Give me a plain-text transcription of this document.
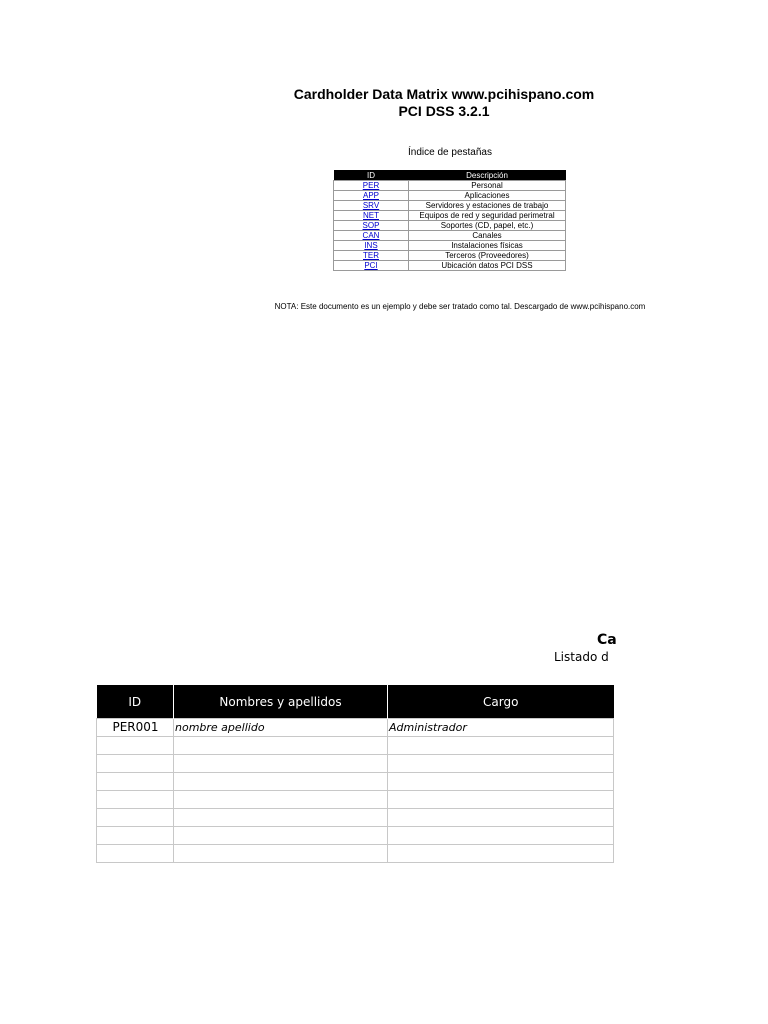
Cardholder Data Matrix www.pcihispano.com
PCI DSS 3.2.1
Índice de pestañas
ID	Descripción
PER	Personal
APP	Aplicaciones
SRV	Servidores y estaciones de trabajo
NET	Equipos de red y seguridad perimetral
SOP	Soportes (CD, papel, etc.)
CAN	Canales
INS	Instalaciones físicas
TER	Terceros (Proveedores)
PCI	Ubicación datos PCI DSS
NOTA: Este documento es un ejemplo y debe ser tratado como tal. Descargado de www.pcihispano.com
Ca
Listado d
ID	Nombres y apellidos	Cargo
PER001	nombre apellido	Administrador
